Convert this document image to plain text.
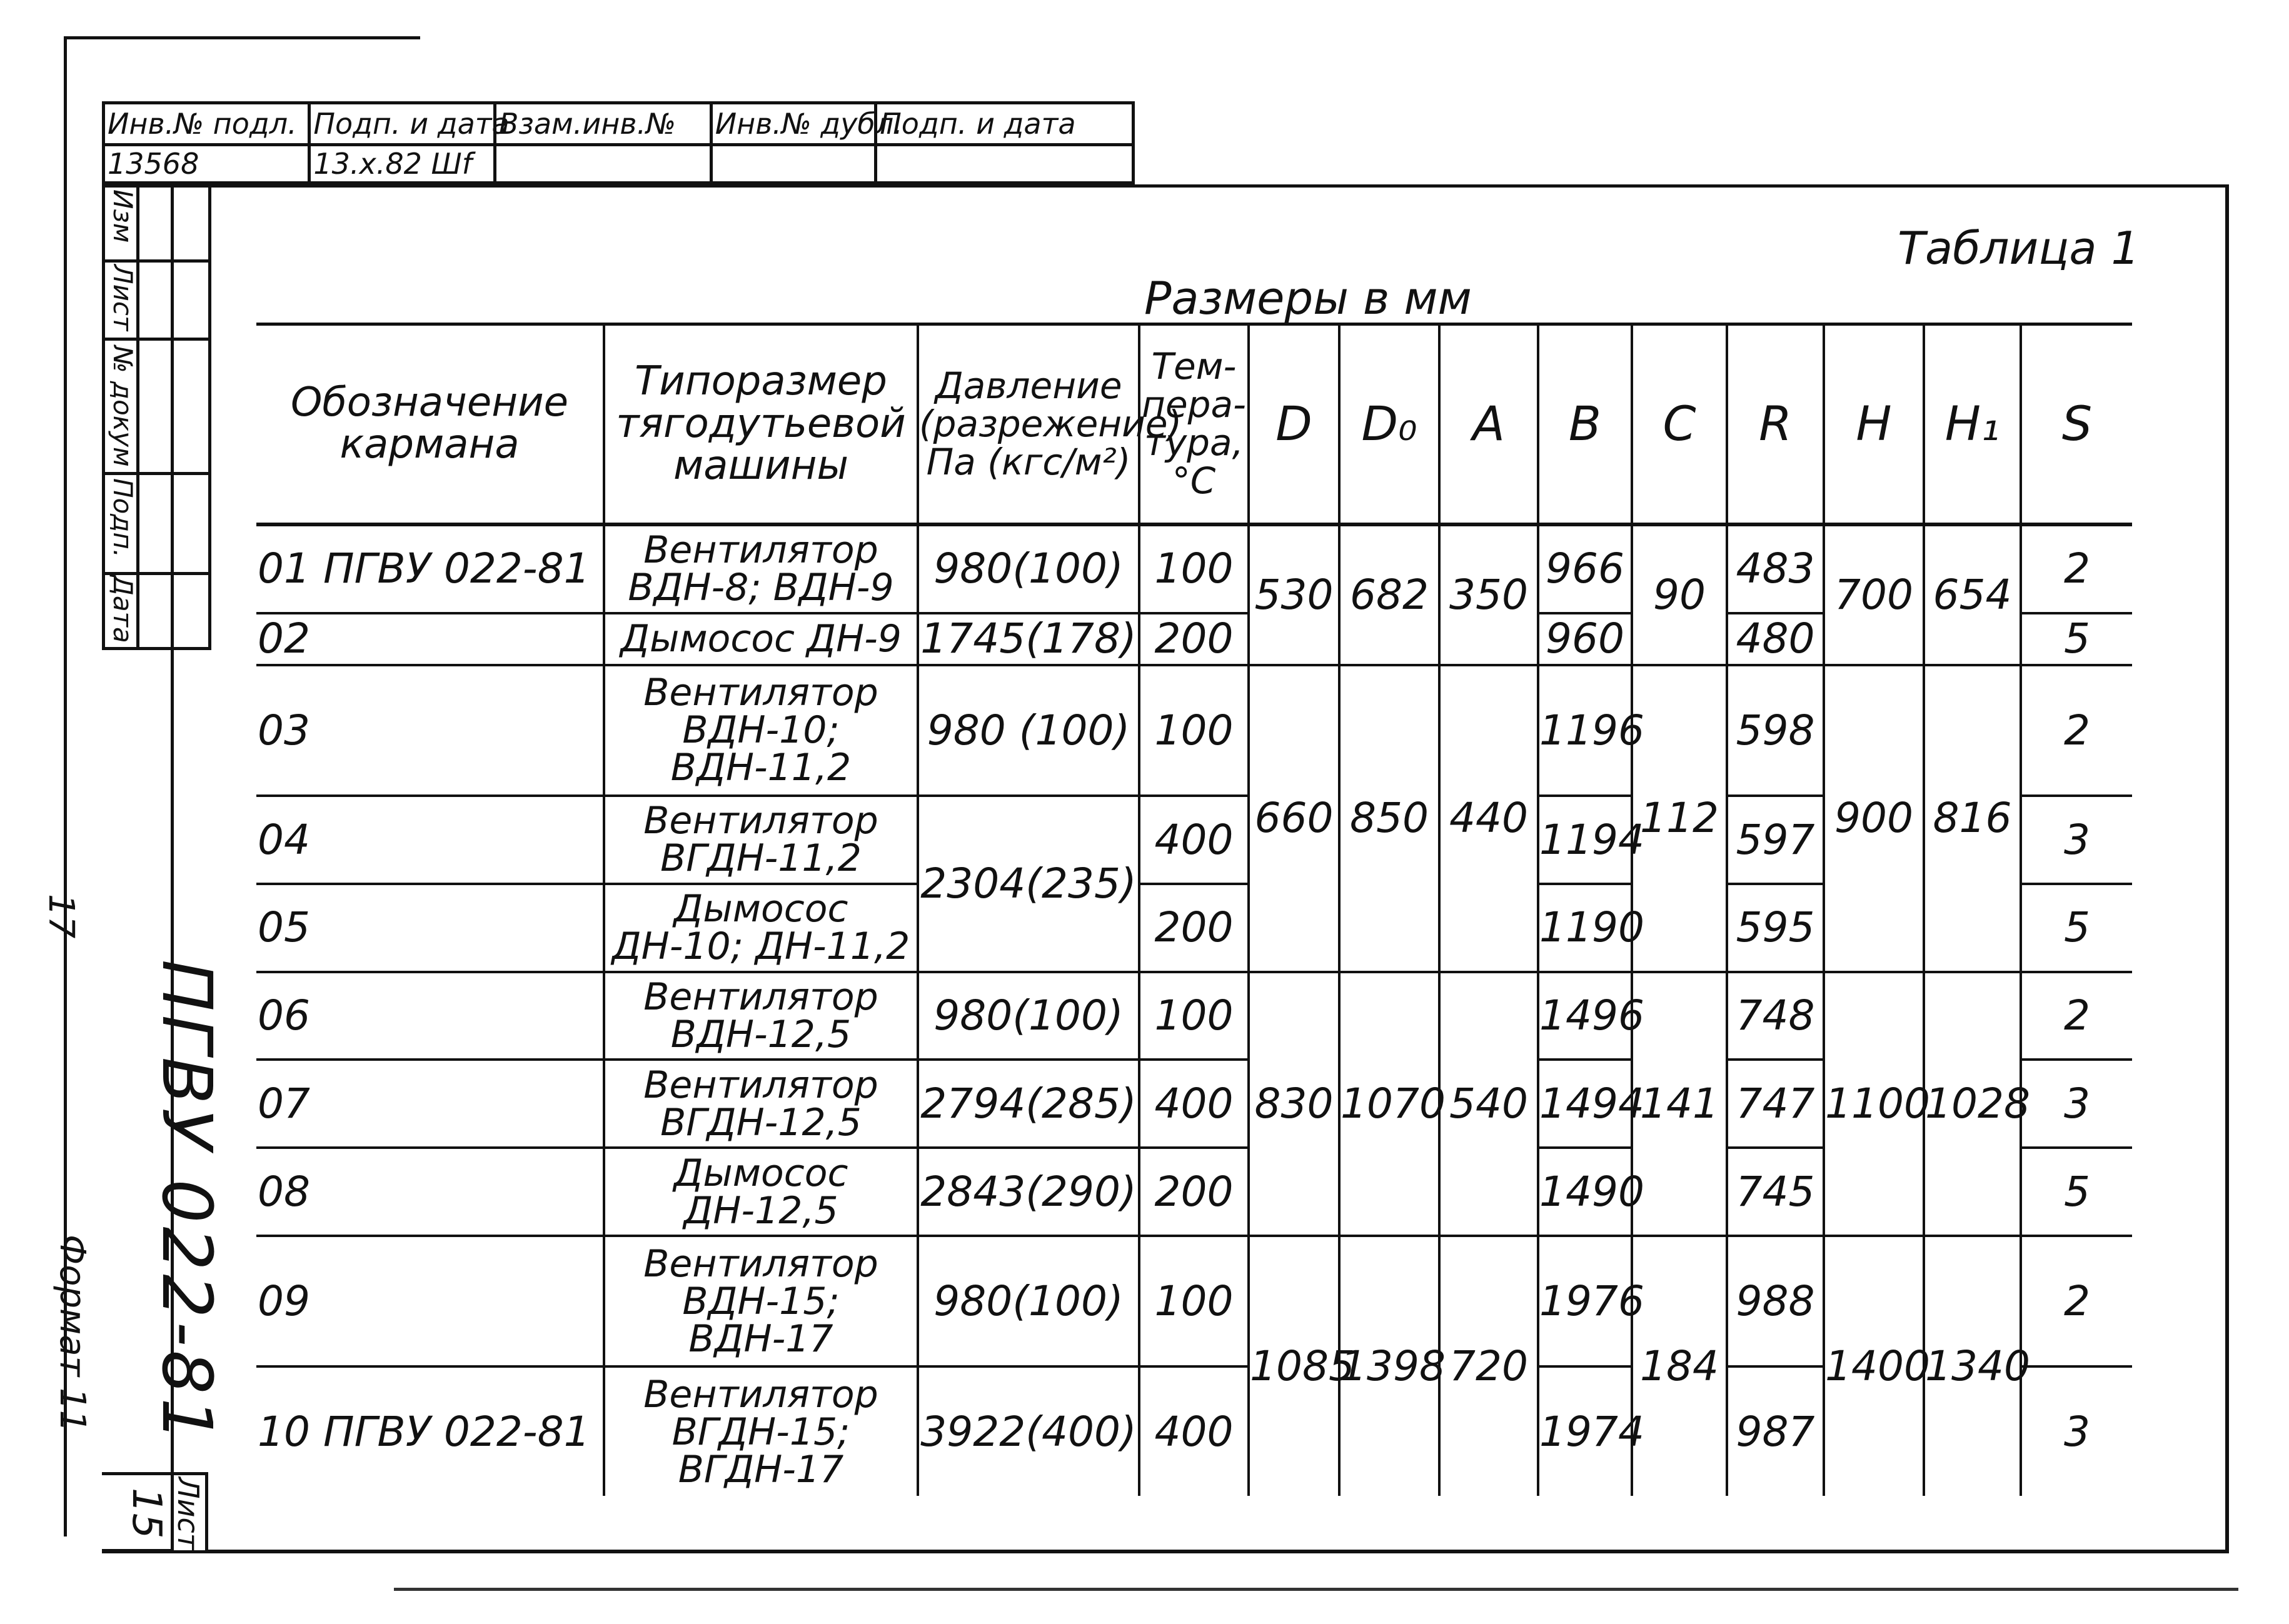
Инв.№ подл.	Подп. и дата	Взам.инв.№	Инв.№ дубл.	Подп. и дата
13568	13.х.82 Шf			

Изм
Лист
№ докум
Подп.
Дата
ПГВУ 022-81
Лист
15
17
Формат 11
Таблица 1
Размеры в мм
Обозначение кармана	Типоразмер тягодутьевой машины	Давление (разрежение) Па (кгс/м²)	Тем-пера-тура, °С	D	D₀	A	B	C	R	H	H₁	S
01 ПГВУ 022-81	Вентилятор ВДН-8; ВДН-9	980(100)	100	530	682	350	966	90	483	700	654	2
02	Дымосос ДН-9	1745(178)	200				960		480			5
03	Вентилятор ВДН-10; ВДН-11,2	980 (100)	100	660	850	440	1196	112	598	900	816	2
04	Вентилятор ВГДН-11,2	2304(235)	400				1194		597			3
05	Дымосос ДН-10; ДН-11,2		200				1190		595			5
06	Вентилятор ВДН-12,5	980(100)	100	830	1070	540	1496	141	748	1100	1028	2
07	Вентилятор ВГДН-12,5	2794(285)	400				1494		747			3
08	Дымосос ДН-12,5	2843(290)	200				1490		745			5
09	Вентилятор ВДН-15; ВДН-17	980(100)	100	1085	1398	720	1976	184	988	1400	1340	2
10 ПГВУ 022-81	Вентилятор ВГДН-15; ВГДН-17	3922(400)	400				1974		987			3
